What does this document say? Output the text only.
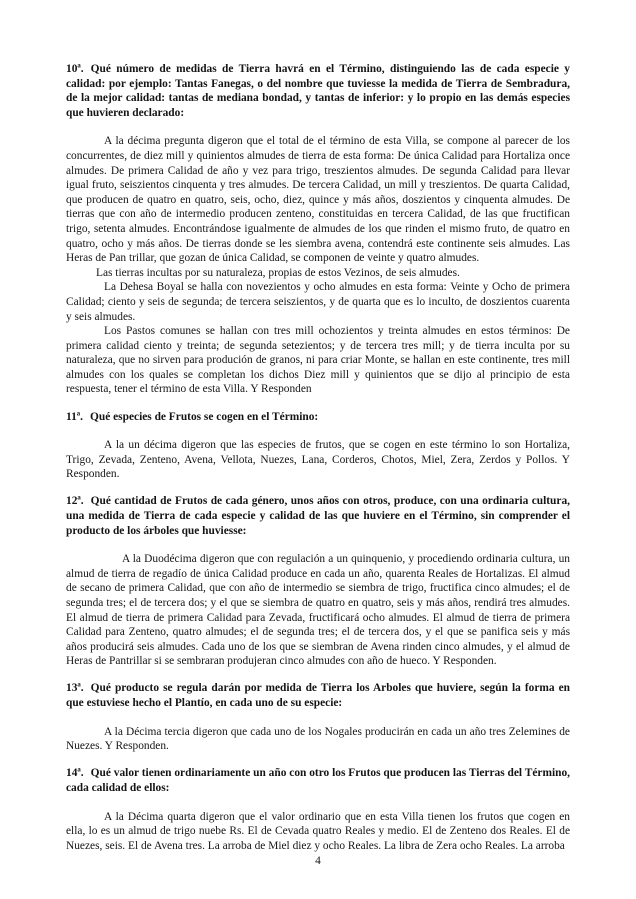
10ª. Qué número de medidas de Tierra havrá en el Término, distinguiendo las de cada especie y calidad: por ejemplo: Tantas Fanegas, o del nombre que tuviesse la medida de Tierra de Sembradura, de la mejor calidad: tantas de mediana bondad, y tantas de inferior: y lo propio en las demás especies que huvieren declarado:

A la décima pregunta digeron que el total de el término de esta Villa, se compone al parecer de los concurrentes, de diez mill y quinientos almudes de tierra de esta forma: De única Calidad para Hortaliza once almudes. De primera Calidad de año y vez para trigo, treszientos almudes. De segunda Calidad para llevar igual fruto, seiszientos cinquenta y tres almudes. De tercera Calidad, un mill y treszientos. De quarta Calidad, que producen de quatro en quatro, seis, ocho, diez, quince y más años, doszientos y cinquenta almudes. De tierras que con año de intermedio producen zenteno, constituidas en tercera Calidad, de las que fructifican trigo, setenta almudes. Encontrándose igualmente de almudes de los que rinden el mismo fruto, de quatro en quatro, ocho y más años. De tierras donde se les siembra avena, contendrá este continente seis almudes. Las Heras de Pan trillar, que gozan de única Calidad, se componen de veinte y quatro almudes.

Las tierras incultas por su naturaleza, propias de estos Vezinos, de seis almudes.

La Dehesa Boyal se halla con novezientos y ocho almudes en esta forma: Veinte y Ocho de primera Calidad; ciento y seis de segunda; de tercera seiszientos, y de quarta que es lo inculto, de doszientos cuarenta y seis almudes.

Los Pastos comunes se hallan con tres mill ochozientos y treinta almudes en estos términos: De primera calidad ciento y treinta; de segunda setezientos; y de tercera tres mill; y de tierra inculta por su naturaleza, que no sirven para produción de granos, ni para criar Monte, se hallan en este continente, tres mill almudes con los quales se completan los dichos Diez mill y quinientos que se dijo al principio de esta respuesta, tener el término de esta Villa. Y Responden

11ª. Qué especies de Frutos se cogen en el Término:

A la un décima digeron que las especies de frutos, que se cogen en este término lo son Hortaliza, Trigo, Zevada, Zenteno, Avena, Vellota, Nuezes, Lana, Corderos, Chotos, Miel, Zera, Zerdos y Pollos. Y Responden.

12ª. Qué cantidad de Frutos de cada género, unos años con otros, produce, con una ordinaria cultura, una medida de Tierra de cada especie y calidad de las que huviere en el Término, sin comprender el producto de los árboles que huviesse:

A la Duodécima digeron que con regulación a un quinquenio, y procediendo ordinaria cultura, un almud de tierra de regadío de única Calidad produce en cada un año, quarenta Reales de Hortalizas. El almud de secano de primera Calidad, que con año de intermedio se siembra de trigo, fructifica cinco almudes; el de segunda tres; el de tercera dos; y el que se siembra de quatro en quatro, seis y más años, rendirá tres almudes. El almud de tierra de primera Calidad para Zevada, fructificará ocho almudes. El almud de tierra de primera Calidad para Zenteno, quatro almudes; el de segunda tres; el de tercera dos, y el que se panifica seis y más años producirá seis almudes. Cada uno de los que se siembran de Avena rinden cinco almudes, y el almud de Heras de Pantrillar si se sembraran produjeran cinco almudes con año de hueco. Y Responden.

13ª. Qué producto se regula darán por medida de Tierra los Arboles que huviere, según la forma en que estuviese hecho el Plantío, en cada uno de su especie:

A la Décima tercia digeron que cada uno de los Nogales producirán en cada un año tres Zelemines de Nuezes. Y Responden.

14ª. Qué valor tienen ordinariamente un año con otro los Frutos que producen las Tierras del Término, cada calidad de ellos:

A la Décima quarta digeron que el valor ordinario que en esta Villa tienen los frutos que cogen en ella, lo es un almud de trigo nuebe Rs. El de Cevada quatro Reales y medio. El de Zenteno dos Reales. El de Nuezes, seis. El de Avena tres. La arroba de Miel diez y ocho Reales. La libra de Zera ocho Reales. La arroba

4
